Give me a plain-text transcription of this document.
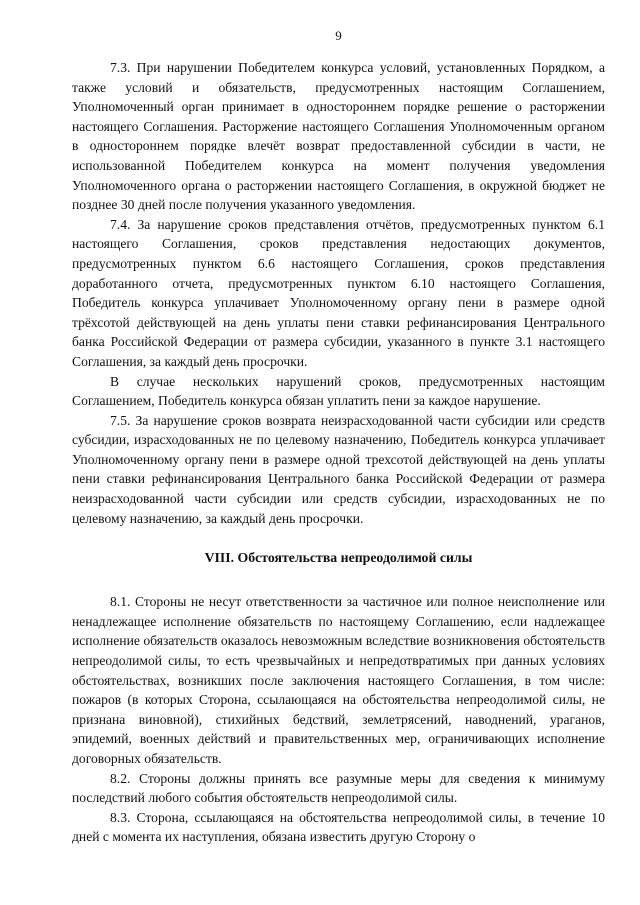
9

7.3. При нарушении Победителем конкурса условий, установленных Порядком, а также условий и обязательств, предусмотренных настоящим Соглашением, Уполномоченный орган принимает в одностороннем порядке решение о расторжении настоящего Соглашения. Расторжение настоящего Соглашения Уполномоченным органом в одностороннем порядке влечёт возврат предоставленной субсидии в части, не использованной Победителем конкурса на момент получения уведомления Уполномоченного органа о расторжении настоящего Соглашения, в окружной бюджет не позднее 30 дней после получения указанного уведомления.

7.4. За нарушение сроков представления отчётов, предусмотренных пунктом 6.1 настоящего Соглашения, сроков представления недостающих документов, предусмотренных пунктом 6.6 настоящего Соглашения, сроков представления доработанного отчета, предусмотренных пунктом 6.10 настоящего Соглашения, Победитель конкурса уплачивает Уполномоченному органу пени в размере одной трёхсотой действующей на день уплаты пени ставки рефинансирования Центрального банка Российской Федерации от размера субсидии, указанного в пункте 3.1 настоящего Соглашения, за каждый день просрочки.

В случае нескольких нарушений сроков, предусмотренных настоящим Соглашением, Победитель конкурса обязан уплатить пени за каждое нарушение.

7.5. За нарушение сроков возврата неизрасходованной части субсидии или средств субсидии, израсходованных не по целевому назначению, Победитель конкурса уплачивает Уполномоченному органу пени в размере одной трехсотой действующей на день уплаты пени ставки рефинансирования Центрального банка Российской Федерации от размера неизрасходованной части субсидии или средств субсидии, израсходованных не по целевому назначению, за каждый день просрочки.

VIII. Обстоятельства непреодолимой силы

8.1. Стороны не несут ответственности за частичное или полное неисполнение или ненадлежащее исполнение обязательств по настоящему Соглашению, если надлежащее исполнение обязательств оказалось невозможным вследствие возникновения обстоятельств непреодолимой силы, то есть чрезвычайных и непредотвратимых при данных условиях обстоятельствах, возникших после заключения настоящего Соглашения, в том числе: пожаров (в которых Сторона, ссылающаяся на обстоятельства непреодолимой силы, не признана виновной), стихийных бедствий, землетрясений, наводнений, ураганов, эпидемий, военных действий и правительственных мер, ограничивающих исполнение договорных обязательств.

8.2. Стороны должны принять все разумные меры для сведения к минимуму последствий любого события обстоятельств непреодолимой силы.

8.3. Сторона, ссылающаяся на обстоятельства непреодолимой силы, в течение 10 дней с момента их наступления, обязана известить другую Сторону о
